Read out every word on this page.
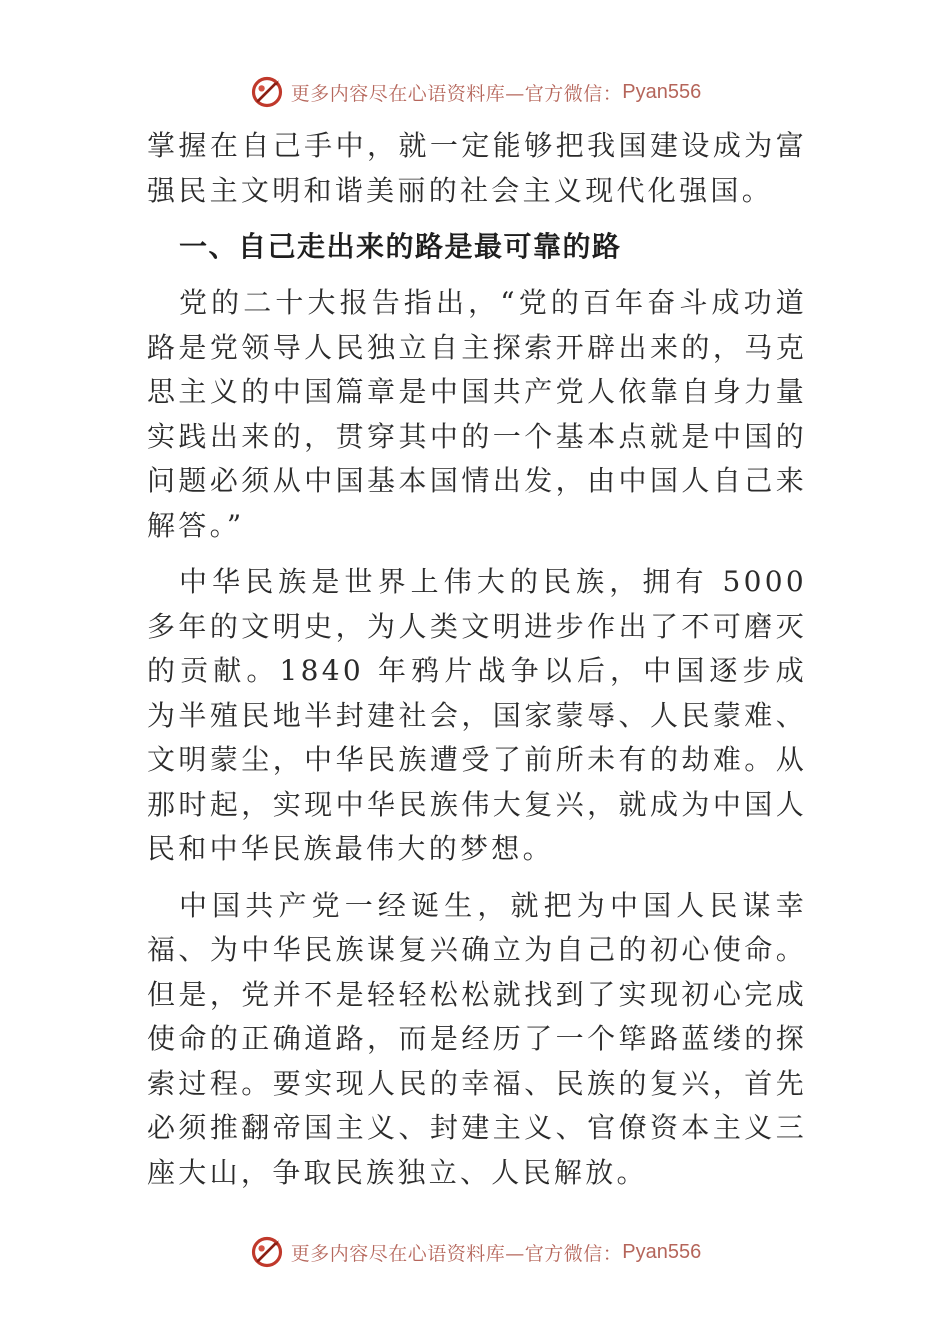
更多内容尽在心语资料库—官方微信： Pyan556

掌握在自己手中，就一定能够把我国建设成为富强民主文明和谐美丽的社会主义现代化强国。

一、自己走出来的路是最可靠的路

党的二十大报告指出，“党的百年奋斗成功道路是党领导人民独立自主探索开辟出来的，马克思主义的中国篇章是中国共产党人依靠自身力量实践出来的，贯穿其中的一个基本点就是中国的问题必须从中国基本国情出发，由中国人自己来解答。”

中华民族是世界上伟大的民族，拥有 5000 多年的文明史，为人类文明进步作出了不可磨灭的贡献。1840 年鸦片战争以后，中国逐步成为半殖民地半封建社会，国家蒙辱、人民蒙难、文明蒙尘，中华民族遭受了前所未有的劫难。从那时起，实现中华民族伟大复兴，就成为中国人民和中华民族最伟大的梦想。

中国共产党一经诞生，就把为中国人民谋幸福、为中华民族谋复兴确立为自己的初心使命。但是，党并不是轻轻松松就找到了实现初心完成使命的正确道路，而是经历了一个筚路蓝缕的探索过程。要实现人民的幸福、民族的复兴，首先必须推翻帝国主义、封建主义、官僚资本主义三座大山，争取民族独立、人民解放。

更多内容尽在心语资料库—官方微信： Pyan556
